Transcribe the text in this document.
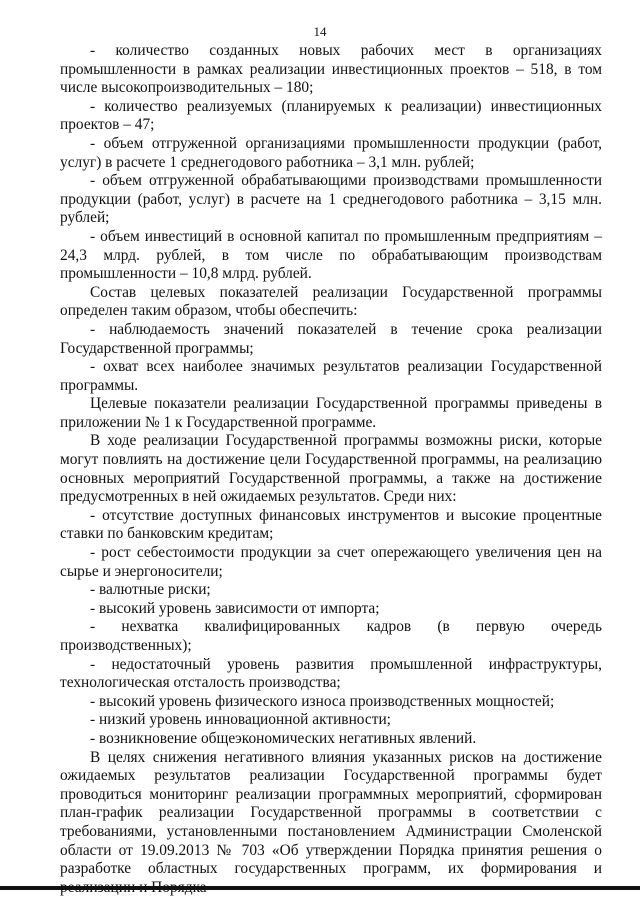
14

- количество созданных новых рабочих мест в организациях промышленности в рамках реализации инвестиционных проектов – 518, в том числе высокопроизводительных – 180;

- количество реализуемых (планируемых к реализации) инвестиционных проектов – 47;

- объем отгруженной организациями промышленности продукции (работ, услуг) в расчете 1 среднегодового работника – 3,1 млн. рублей;

- объем отгруженной обрабатывающими производствами промышленности продукции (работ, услуг) в расчете на 1 среднегодового работника – 3,15 млн. рублей;

- объем инвестиций в основной капитал по промышленным предприятиям – 24,3 млрд. рублей, в том числе по обрабатывающим производствам промышленности – 10,8 млрд. рублей.

Состав целевых показателей реализации Государственной программы определен таким образом, чтобы обеспечить:

- наблюдаемость значений показателей в течение срока реализации Государственной программы;

- охват всех наиболее значимых результатов реализации Государственной программы.

Целевые показатели реализации Государственной программы приведены в приложении № 1 к Государственной программе.

В ходе реализации Государственной программы возможны риски, которые могут повлиять на достижение цели Государственной программы, на реализацию основных мероприятий Государственной программы, а также на достижение предусмотренных в ней ожидаемых результатов. Среди них:

- отсутствие доступных финансовых инструментов и высокие процентные ставки по банковским кредитам;

- рост себестоимости продукции за счет опережающего увеличения цен на сырье и энергоносители;

- валютные риски;

- высокий уровень зависимости от импорта;

- нехватка квалифицированных кадров (в первую очередь производственных);

- недостаточный уровень развития промышленной инфраструктуры, технологическая отсталость производства;

- высокий уровень физического износа производственных мощностей;

- низкий уровень инновационной активности;

- возникновение общеэкономических негативных явлений.

В целях снижения негативного влияния указанных рисков на достижение ожидаемых результатов реализации Государственной программы будет проводиться мониторинг реализации программных мероприятий, сформирован план-график реализации Государственной программы в соответствии с требованиями, установленными постановлением Администрации Смоленской области от 19.09.2013 № 703 «Об утверждении Порядка принятия решения о разработке областных государственных программ, их формирования и
